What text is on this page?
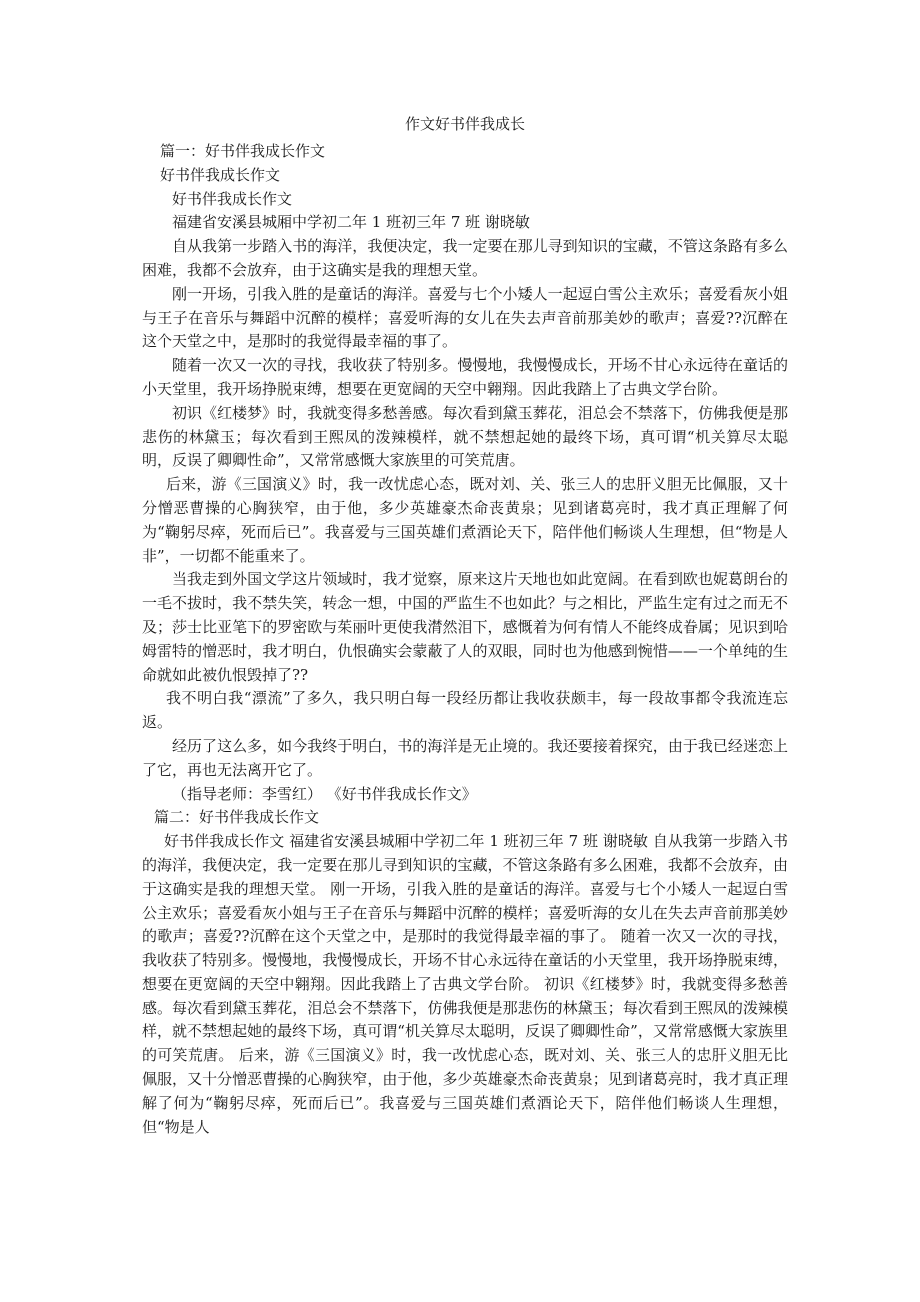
作文好书伴我成长

篇一：好书伴我成长作文

好书伴我成长作文

好书伴我成长作文

福建省安溪县城厢中学初二年 1 班初三年 7 班 谢晓敏

自从我第一步踏入书的海洋，我便决定，我一定要在那儿寻到知识的宝藏，不管这条路有多么困难，我都不会放弃，由于这确实是我的理想天堂。

刚一开场，引我入胜的是童话的海洋。喜爱与七个小矮人一起逗白雪公主欢乐；喜爱看灰小姐与王子在音乐与舞蹈中沉醉的模样；喜爱听海的女儿在失去声音前那美妙的歌声；喜爱??沉醉在这个天堂之中，是那时的我觉得最幸福的事了。

随着一次又一次的寻找，我收获了特别多。慢慢地，我慢慢成长，开场不甘心永远待在童话的小天堂里，我开场挣脱束缚，想要在更宽阔的天空中翱翔。因此我踏上了古典文学台阶。

初识《红楼梦》时，我就变得多愁善感。每次看到黛玉葬花，泪总会不禁落下，仿佛我便是那悲伤的林黛玉；每次看到王熙凤的泼辣模样，就不禁想起她的最终下场，真可谓“机关算尽太聪明，反误了卿卿性命”，又常常感慨大家族里的可笑荒唐。

后来，游《三国演义》时，我一改忧虑心态，既对刘、关、张三人的忠肝义胆无比佩服，又十分憎恶曹操的心胸狭窄，由于他，多少英雄豪杰命丧黄泉；见到诸葛亮时，我才真正理解了何为“鞠躬尽瘁，死而后已”。我喜爱与三国英雄们煮酒论天下，陪伴他们畅谈人生理想，但“物是人非”，一切都不能重来了。

当我走到外国文学这片领域时，我才觉察，原来这片天地也如此宽阔。在看到欧也妮葛朗台的一毛不拔时，我不禁失笑，转念一想，中国的严监生不也如此？与之相比，严监生定有过之而无不及；莎士比亚笔下的罗密欧与茱丽叶更使我潸然泪下，感慨着为何有情人不能终成眷属；见识到哈姆雷特的憎恶时，我才明白，仇恨确实会蒙蔽了人的双眼，同时也为他感到惋惜——一个单纯的生命就如此被仇恨毁掉了??

我不明白我“漂流”了多久，我只明白每一段经历都让我收获颇丰，每一段故事都令我流连忘返。

经历了这么多，如今我终于明白，书的海洋是无止境的。我还要接着探究，由于我已经迷恋上了它，再也无法离开它了。

（指导老师：李雪红） 《好书伴我成长作文》

篇二：好书伴我成长作文

好书伴我成长作文 福建省安溪县城厢中学初二年 1 班初三年 7 班 谢晓敏 自从我第一步踏入书的海洋，我便决定，我一定要在那儿寻到知识的宝藏，不管这条路有多么困难，我都不会放弃，由于这确实是我的理想天堂。 刚一开场，引我入胜的是童话的海洋。喜爱与七个小矮人一起逗白雪公主欢乐；喜爱看灰小姐与王子在音乐与舞蹈中沉醉的模样；喜爱听海的女儿在失去声音前那美妙的歌声；喜爱??沉醉在这个天堂之中，是那时的我觉得最幸福的事了。 随着一次又一次的寻找，我收获了特别多。慢慢地，我慢慢成长，开场不甘心永远待在童话的小天堂里，我开场挣脱束缚，想要在更宽阔的天空中翱翔。因此我踏上了古典文学台阶。 初识《红楼梦》时，我就变得多愁善感。每次看到黛玉葬花，泪总会不禁落下，仿佛我便是那悲伤的林黛玉；每次看到王熙凤的泼辣模样，就不禁想起她的最终下场，真可谓“机关算尽太聪明，反误了卿卿性命”，又常常感慨大家族里的可笑荒唐。 后来，游《三国演义》时，我一改忧虑心态，既对刘、关、张三人的忠肝义胆无比佩服，又十分憎恶曹操的心胸狭窄，由于他，多少英雄豪杰命丧黄泉；见到诸葛亮时，我才真正理解了何为“鞠躬尽瘁，死而后已”。我喜爱与三国英雄们煮酒论天下，陪伴他们畅谈人生理想，但“物是人
